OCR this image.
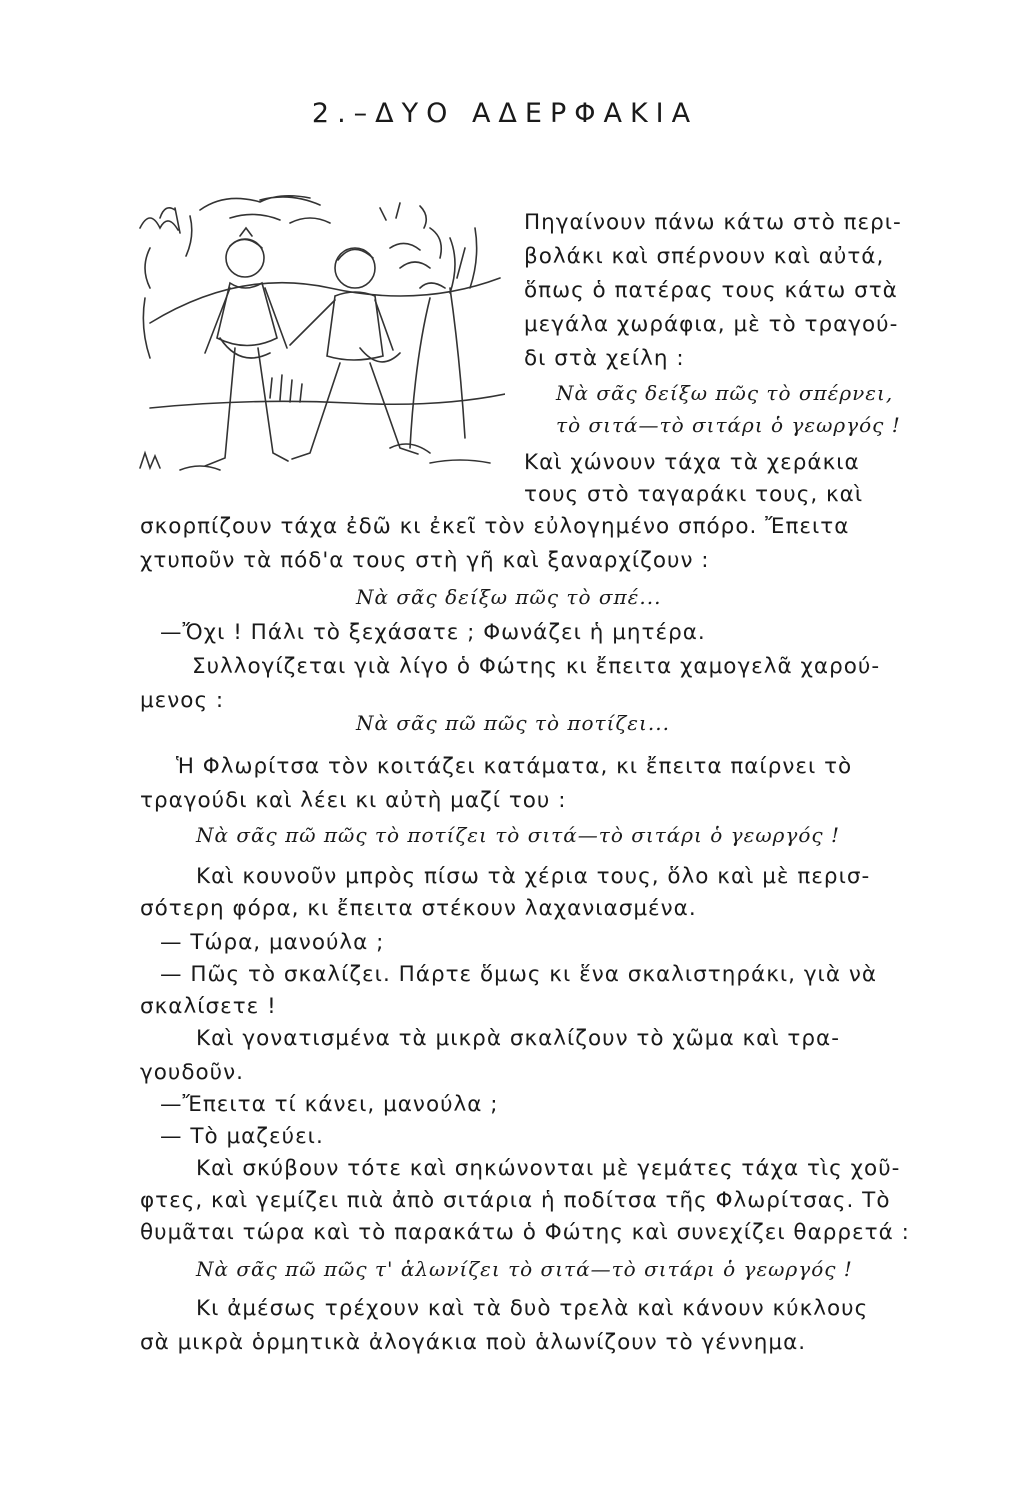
2.–ΔΥΟ ΑΔΕΡΦΑΚΙΑ
Πηγαίνουν πάνω κάτω στὸ περι-
βολάκι καὶ σπέρνουν καὶ αὐτά,
ὅπως ὁ πατέρας τους κάτω στὰ
μεγάλα χωράφια, μὲ τὸ τραγού-
δι στὰ χείλη :
Νὰ σᾶς δείξω πῶς τὸ σπέρνει,
τὸ σιτά—τὸ σιτάρι ὁ γεωργός !
Καὶ χώνουν τάχα τὰ χεράκια
τους στὸ ταγαράκι τους, καὶ
σκορπίζουν τάχα ἐδῶ κι ἐκεῖ τὸν εὐλογημένο σπόρο. Ἔπειτα
χτυποῦν τὰ πόδ'α τους στὴ γῆ καὶ ξαναρχίζουν :
Νὰ σᾶς δείξω πῶς τὸ σπέ...
—Ὄχι ! Πάλι τὸ ξεχάσατε ; Φωνάζει ἡ μητέρα.
Συλλογίζεται γιὰ λίγο ὁ Φώτης κι ἔπειτα χαμογελᾶ χαρού-
μενος :
Νὰ σᾶς πῶ πῶς τὸ ποτίζει...
Ἡ Φλωρίτσα τὸν κοιτάζει κατάματα, κι ἔπειτα παίρνει τὸ
τραγούδι καὶ λέει κι αὐτὴ μαζί του :
Νὰ σᾶς πῶ πῶς τὸ ποτίζει τὸ σιτά—τὸ σιτάρι ὁ γεωργός !
Καὶ κουνοῦν μπρὸς πίσω τὰ χέρια τους, ὅλο καὶ μὲ περισ-
σότερη φόρα, κι ἔπειτα στέκουν λαχανιασμένα.
— Τώρα, μανούλα ;
— Πῶς τὸ σκαλίζει. Πάρτε ὅμως κι ἕνα σκαλιστηράκι, γιὰ νὰ
σκαλίσετε !
Καὶ γονατισμένα τὰ μικρὰ σκαλίζουν τὸ χῶμα καὶ τρα-
γουδοῦν.
—Ἔπειτα τί κάνει, μανούλα ;
— Τὸ μαζεύει.
Καὶ σκύβουν τότε καὶ σηκώνονται μὲ γεμάτες τάχα τὶς χοῦ-
φτες, καὶ γεμίζει πιὰ ἀπὸ σιτάρια ἡ ποδίτσα τῆς Φλωρίτσας. Τὸ
θυμᾶται τώρα καὶ τὸ παρακάτω ὁ Φώτης καὶ συνεχίζει θαρρετά :
Νὰ σᾶς πῶ πῶς τ' ἁλωνίζει τὸ σιτά—τὸ σιτάρι ὁ γεωργός !
Κι ἀμέσως τρέχουν καὶ τὰ δυὸ τρελὰ καὶ κάνουν κύκλους
σὰ μικρὰ ὁρμητικὰ ἀλογάκια ποὺ ἁλωνίζουν τὸ γέννημα.
